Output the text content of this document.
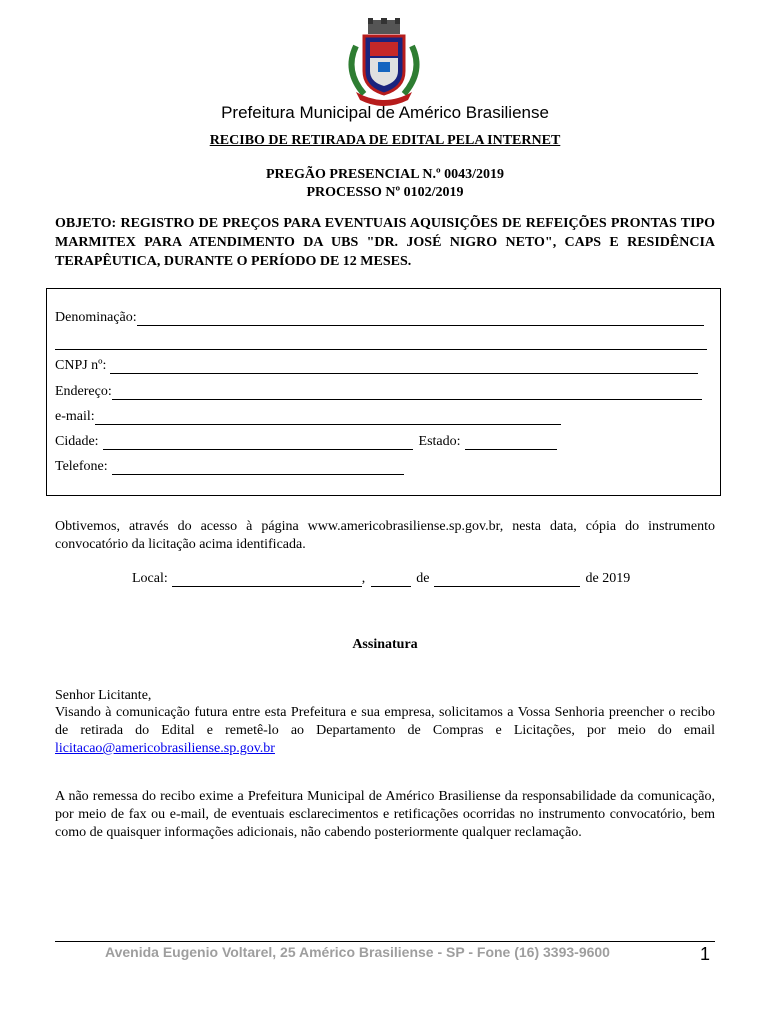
Prefeitura Municipal de Américo Brasiliense
RECIBO DE RETIRADA DE EDITAL PELA INTERNET
PREGÃO PRESENCIAL N.º 0043/2019
PROCESSO Nº 0102/2019
OBJETO: REGISTRO DE PREÇOS PARA EVENTUAIS AQUISIÇÕES DE REFEIÇÕES PRONTAS TIPO MARMITEX PARA ATENDIMENTO DA UBS "DR. JOSÉ NIGRO NETO", CAPS E RESIDÊNCIA TERAPÊUTICA, DURANTE O PERÍODO DE 12 MESES.
Denominação:
CNPJ nº:
Endereço:
e-mail:
Cidade:	Estado:
Telefone:
Obtivemos, através do acesso à página www.americobrasiliense.sp.gov.br, nesta data, cópia do instrumento convocatório da licitação acima identificada.
Local:	,	de	de 2019
Assinatura
Senhor Licitante,
Visando à comunicação futura entre esta Prefeitura e sua empresa, solicitamos a Vossa Senhoria preencher o recibo de retirada do Edital e remetê-lo ao Departamento de Compras e Licitações, por meio do email licitacao@americobrasiliense.sp.gov.br
A não remessa do recibo exime a Prefeitura Municipal de Américo Brasiliense da responsabilidade da comunicação, por meio de fax ou e-mail, de eventuais esclarecimentos e retificações ocorridas no instrumento convocatório, bem como de quaisquer informações adicionais, não cabendo posteriormente qualquer reclamação.
Avenida Eugenio Voltarel, 25 Américo Brasiliense - SP - Fone (16) 3393-9600	1
